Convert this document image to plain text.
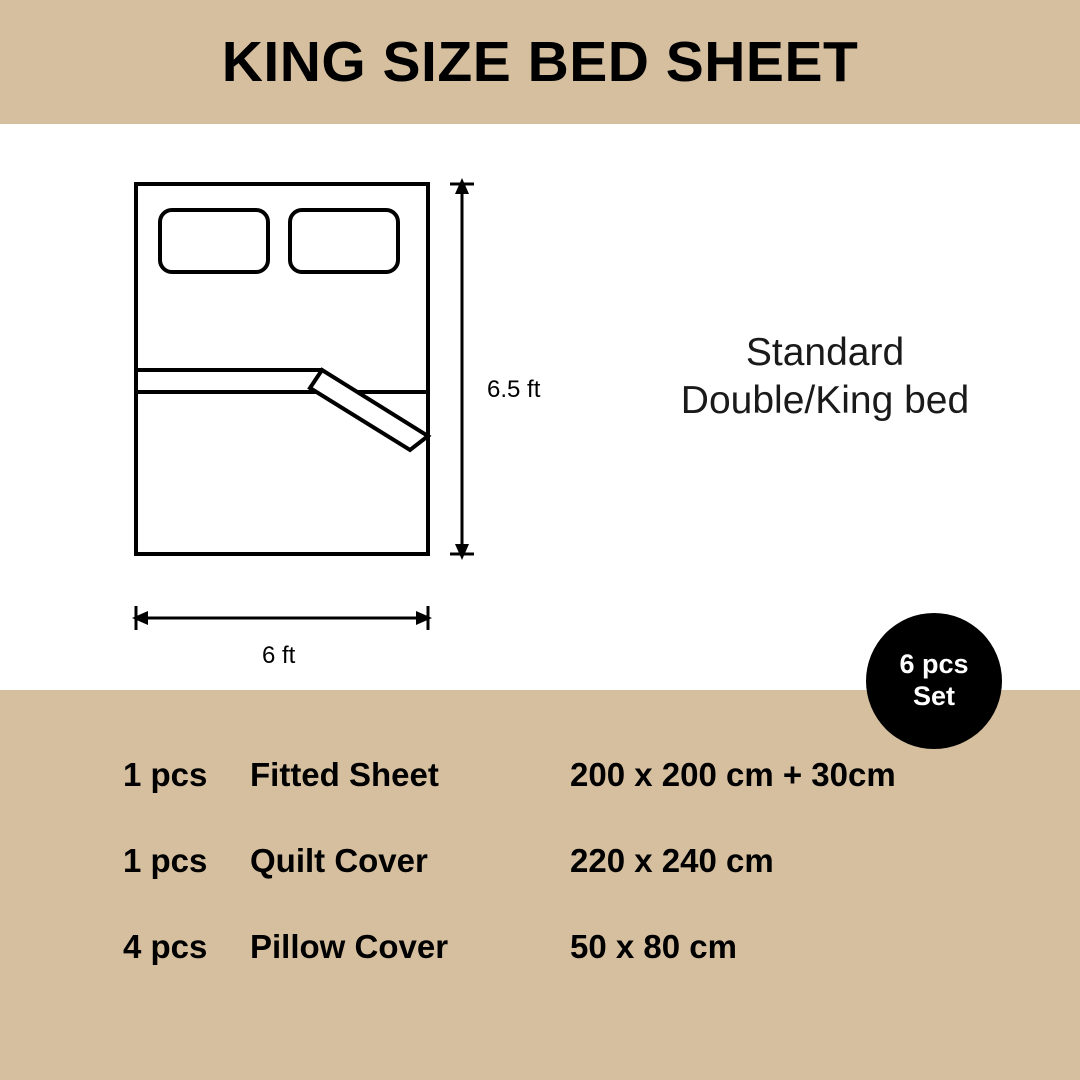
KING SIZE BED SHEET
6.5 ft
6 ft
Standard
Double/King bed
1 pcs	Fitted Sheet	200 x 200 cm + 30cm
1 pcs	Quilt Cover	220 x 240 cm
4 pcs	Pillow Cover	50 x 80 cm
6 pcs
Set
